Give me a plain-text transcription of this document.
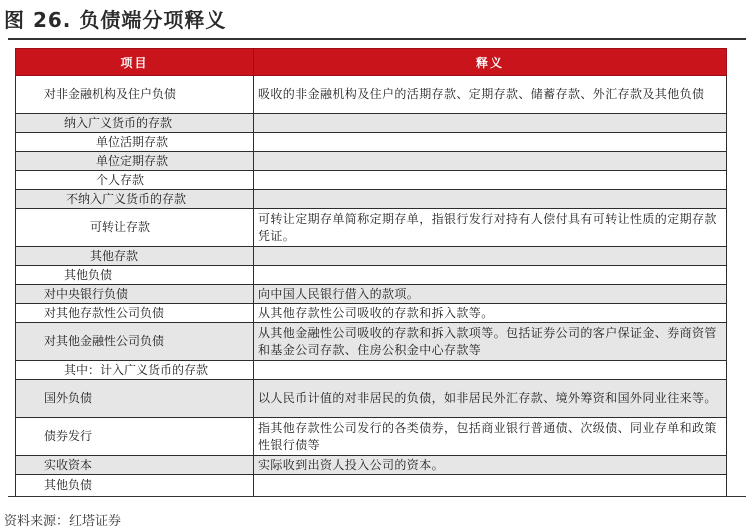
图 26. 负债端分项释义
项目	释义
对非金融机构及住户负债	吸收的非金融机构及住户的活期存款、定期存款、储蓄存款、外汇存款及其他负债
纳入广义货币的存款	
单位活期存款	
单位定期存款	
个人存款	
不纳入广义货币的存款	
可转让存款	可转让定期存单简称定期存单，指银行发行对持有人偿付具有可转让性质的定期存款凭证。
其他存款	
其他负债	
对中央银行负债	向中国人民银行借入的款项。
对其他存款性公司负债	从其他存款性公司吸收的存款和拆入款等。
对其他金融性公司负债	从其他金融性公司吸收的存款和拆入款项等。包括证券公司的客户保证金、券商资管和基金公司存款、住房公积金中心存款等
其中：计入广义货币的存款	
国外负债	以人民币计值的对非居民的负债，如非居民外汇存款、境外筹资和国外同业往来等。
债券发行	指其他存款性公司发行的各类债券，包括商业银行普通债、次级债、同业存单和政策性银行债等
实收资本	实际收到出资人投入公司的资本。
其他负债	
资料来源：红塔证券
